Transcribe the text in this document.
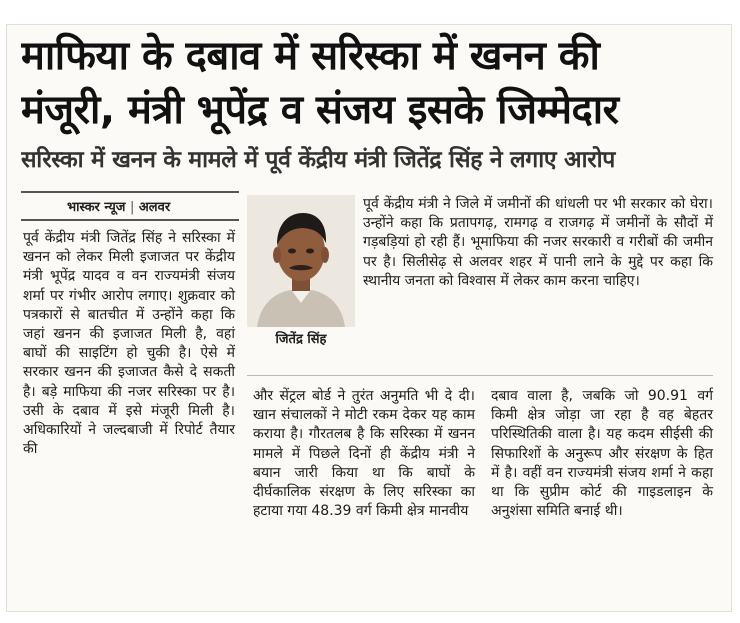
माफिया के दबाव में सरिस्का में खनन की
मंजूरी, मंत्री भूपेंद्र व संजय इसके जिम्मेदार
सरिस्का में खनन के मामले में पूर्व केंद्रीय मंत्री जितेंद्र सिंह ने लगाए आरोप
भास्कर न्यूज | अलवर

पूर्व केंद्रीय मंत्री जितेंद्र सिंह ने सरिस्का में खनन को लेकर मिली इजाजत पर केंद्रीय मंत्री भूपेंद्र यादव व वन राज्यमंत्री संजय शर्मा पर गंभीर आरोप लगाए। शुक्रवार को पत्रकारों से बातचीत में उन्होंने कहा कि जहां खनन की इजाजत मिली है, वहां बाघों की साइटिंग हो चुकी है। ऐसे में सरकार खनन की इजाजत कैसे दे सकती है। बड़े माफिया की नजर सरिस्का पर है। उसी के दबाव में इसे मंजूरी मिली है। अधिकारियों ने जल्दबाजी में रिपोर्ट तैयार की

जितेंद्र सिंह

पूर्व केंद्रीय मंत्री ने जिले में जमीनों की धांधली पर भी सरकार को घेरा। उन्होंने कहा कि प्रतापगढ़, रामगढ़ व राजगढ़ में जमीनों के सौदों में गड़बड़ियां हो रही हैं। भूमाफिया की नजर सरकारी व गरीबों की जमीन पर है। सिलीसेढ़ से अलवर शहर में पानी लाने के मुद्दे पर कहा कि स्थानीय जनता को विश्वास में लेकर काम करना चाहिए।

और सेंट्रल बोर्ड ने तुरंत अनुमति भी दे दी। खान संचालकों ने मोटी रकम देकर यह काम कराया है। गौरतलब है कि सरिस्का में खनन मामले में पिछले दिनों ही केंद्रीय मंत्री ने बयान जारी किया था कि बाघों के दीर्घकालिक संरक्षण के लिए सरिस्का का हटाया गया 48.39 वर्ग किमी क्षेत्र मानवीय

दबाव वाला है, जबकि जो 90.91 वर्ग किमी क्षेत्र जोड़ा जा रहा है वह बेहतर परिस्थितिकी वाला है। यह कदम सीईसी की सिफारिशों के अनुरूप और संरक्षण के हित में है। वहीं वन राज्यमंत्री संजय शर्मा ने कहा था कि सुप्रीम कोर्ट की गाइडलाइन के अनुशंसा समिति बनाई थी।
